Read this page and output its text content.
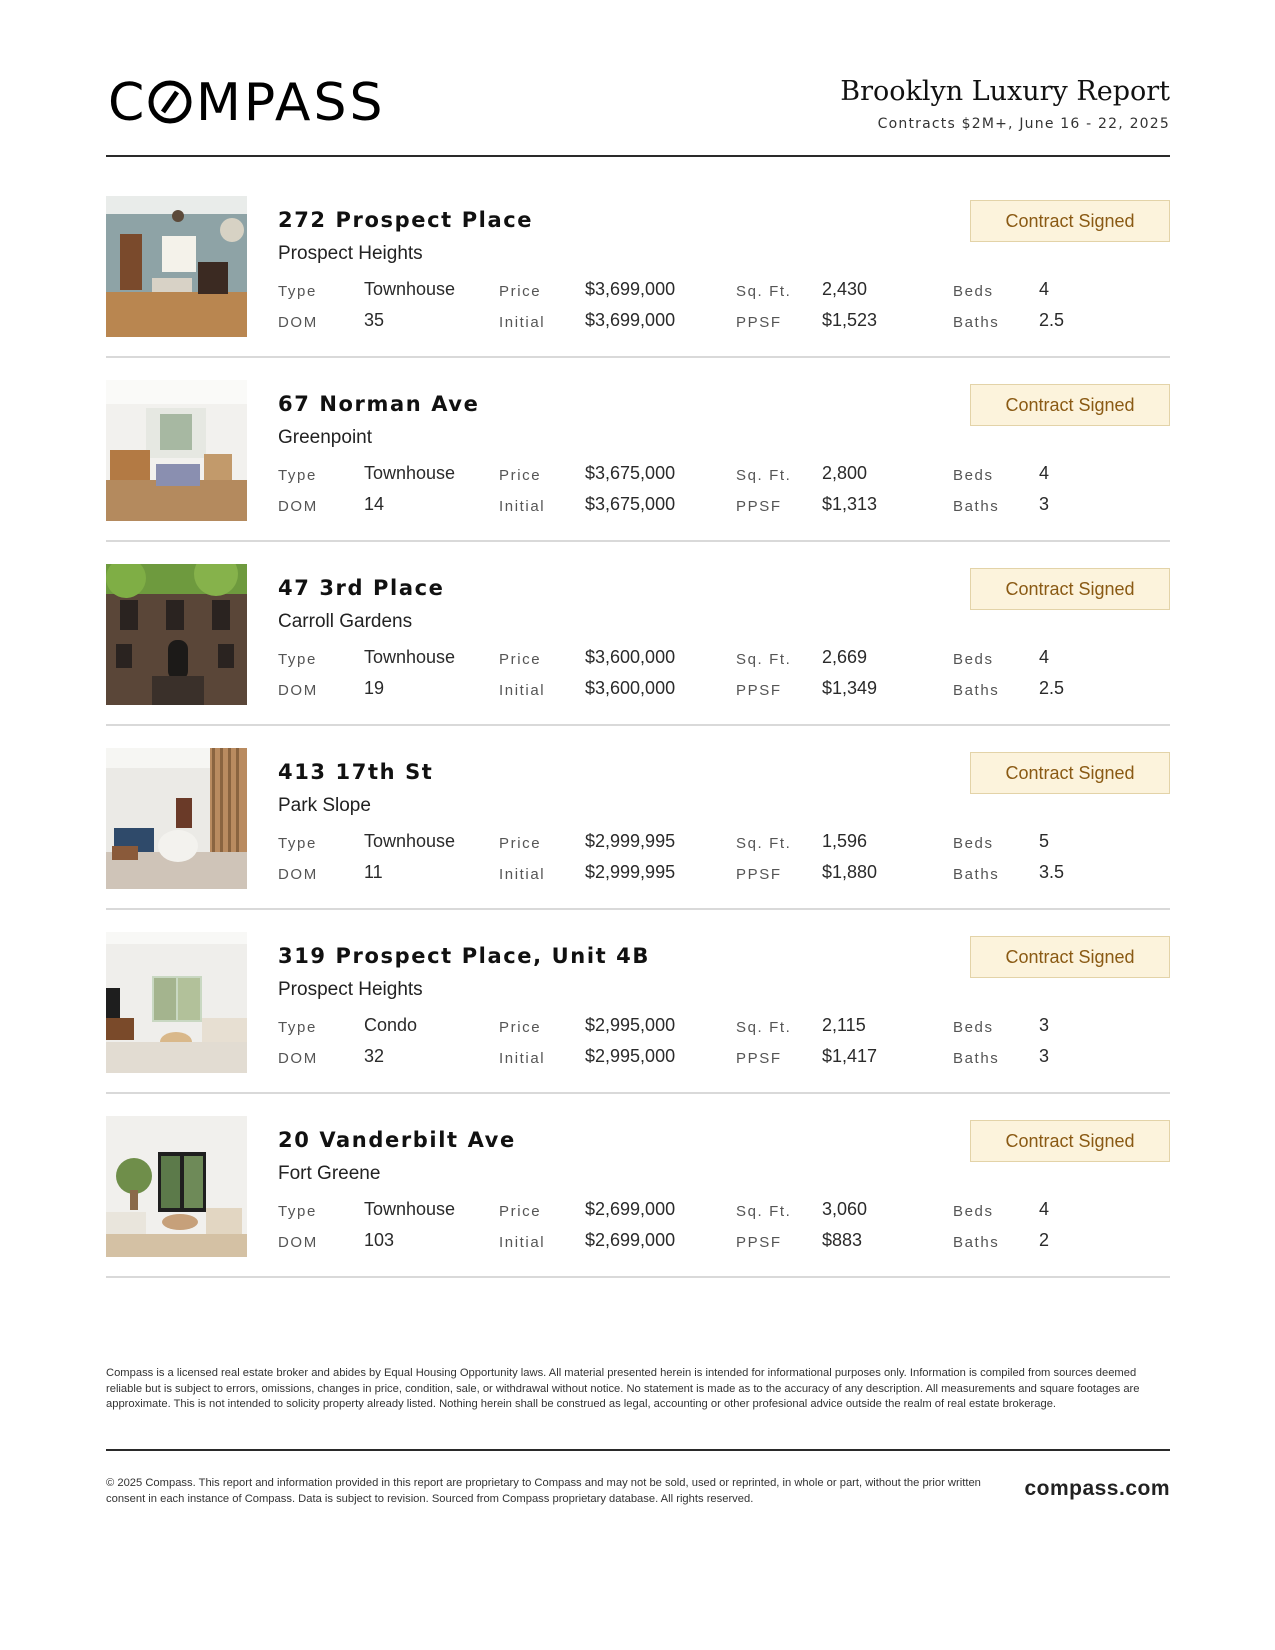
C MPASS	Brooklyn Luxury Report
Contracts $2M+, June 16 - 22, 2025
272 Prospect Place
Prospect Heights
Contract Signed
Type	Townhouse	Price $3,699,000	Sq. Ft. 2,430	Beds	4
DOM	35	Initial $3,699,000	PPSF $1,523	Baths 2.5
67 Norman Ave
Greenpoint
Contract Signed
Type	Townhouse	Price $3,675,000	Sq. Ft. 2,800	Beds	4
DOM	14	Initial $3,675,000	PPSF $1,313	Baths 3
47 3rd Place
Carroll Gardens
Contract Signed
Type	Townhouse	Price $3,600,000	Sq. Ft. 2,669	Beds	4
DOM	19	Initial $3,600,000	PPSF $1,349	Baths 2.5
413 17th St
Park Slope
Contract Signed
Type	Townhouse	Price $2,999,995	Sq. Ft. 1,596	Beds	5
DOM	11	Initial $2,999,995	PPSF $1,880	Baths 3.5
319 Prospect Place, Unit 4B
Prospect Heights
Contract Signed
Type	Condo	Price $2,995,000	Sq. Ft. 2,115	Beds	3
DOM	32	Initial $2,995,000	PPSF $1,417	Baths 3
20 Vanderbilt Ave
Fort Greene
Contract Signed
Type	Townhouse	Price $2,699,000	Sq. Ft. 3,060	Beds	4
DOM	103	Initial $2,699,000	PPSF $883	Baths 2
Compass is a licensed real estate broker and abides by Equal Housing Opportunity laws. All material presented herein is intended for informational purposes only. Information is compiled from sources deemed reliable but is subject to errors, omissions, changes in price, condition, sale, or withdrawal without notice. No statement is made as to the accuracy of any description. All measurements and square footages are approximate. This is not intended to solicity property already listed. Nothing herein shall be construed as legal, accounting or other profesional advice outside the realm of real estate brokerage.
© 2025 Compass. This report and information provided in this report are proprietary to Compass and may not be sold, used or reprinted, in whole or part, without the prior written consent in each instance of Compass. Data is subject to revision. Sourced from Compass proprietary database. All rights reserved.	compass.com
